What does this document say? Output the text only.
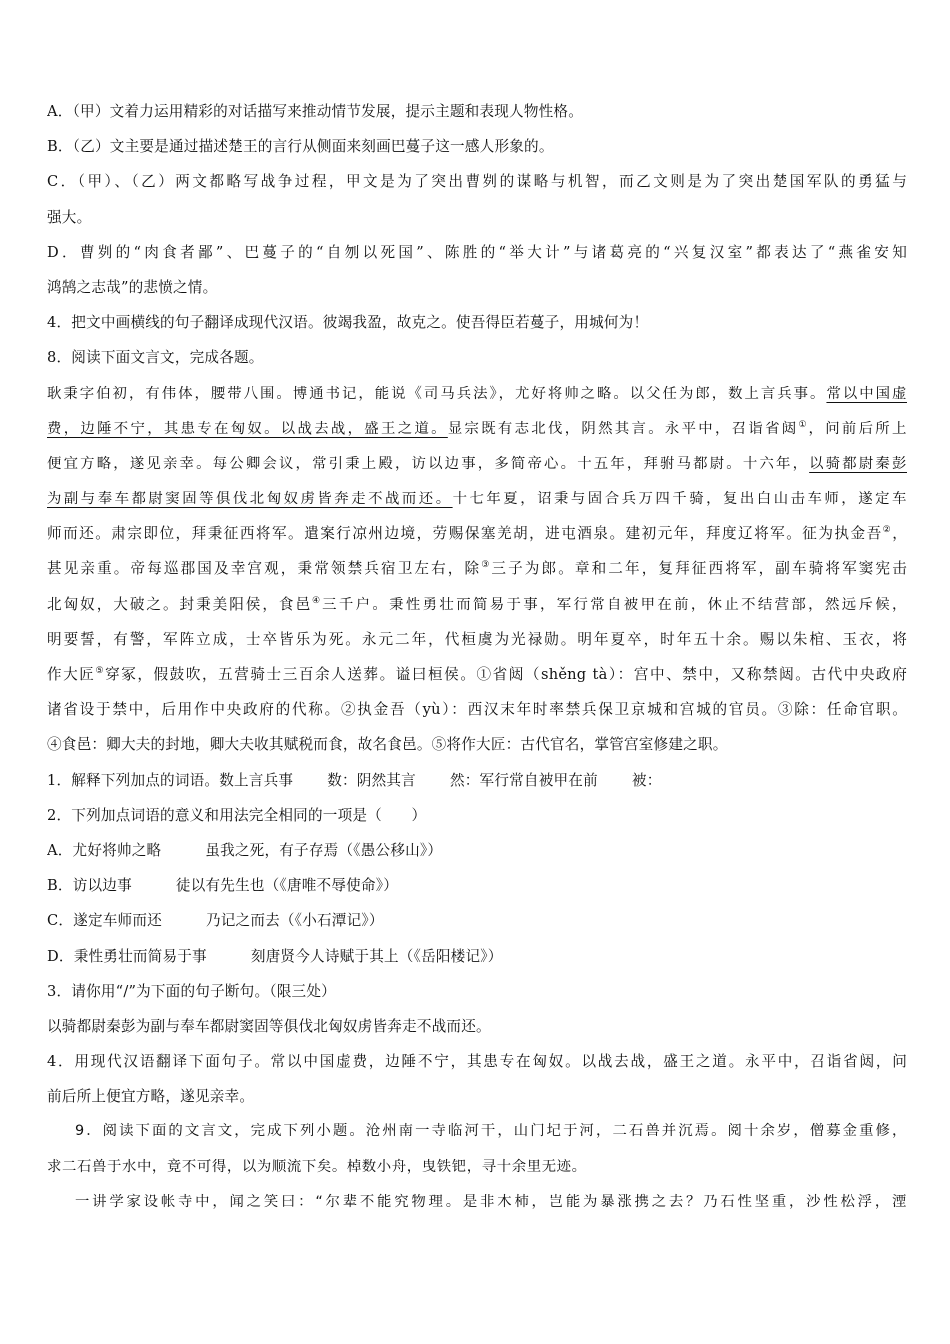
A．（甲）文着力运用精彩的对话描写来推动情节发展，提示主题和表现人物性格。
B．（乙）文主要是通过描述楚王的言行从侧面来刻画巴蔓子这一感人形象的。
C．（甲）、（乙）两文都略写战争过程，甲文是为了突出曹刿的谋略与机智，而乙文则是为了突出楚国军队的勇猛与
强大。
D．曹刿的“肉食者鄙”、巴蔓子的“自刎以死国”、陈胜的“举大计”与诸葛亮的“兴复汉室”都表达了“燕雀安知
鸿鹄之志哉”的悲愤之情。
4．把文中画横线的句子翻译成现代汉语。彼竭我盈，故克之。使吾得臣若蔓子，用城何为！
8．阅读下面文言文，完成各题。
耿秉字伯初，有伟体，腰带八围。博通书记，能说《司马兵法》，尤好将帅之略。以父任为郎，数上言兵事。常以中国虚
费，边陲不宁，其患专在匈奴。以战去战，盛王之道。显宗既有志北伐，阴然其言。永平中，召诣省闼①，问前后所上
便宜方略，遂见亲幸。每公卿会议，常引秉上殿，访以边事，多简帝心。十五年，拜驸马都尉。十六年，以骑都尉秦彭
为副与奉车都尉窦固等俱伐北匈奴虏皆奔走不战而还。十七年夏，诏秉与固合兵万四千骑，复出白山击车师，遂定车
师而还。肃宗即位，拜秉征西将军。遣案行凉州边境，劳赐保塞羌胡，进屯酒泉。建初元年，拜度辽将军。征为执金吾②，
甚见亲重。帝每巡郡国及幸宫观，秉常领禁兵宿卫左右，除③三子为郎。章和二年，复拜征西将军，副车骑将军窦宪击
北匈奴，大破之。封秉美阳侯，食邑④三千户。秉性勇壮而简易于事，军行常自被甲在前，休止不结营部，然远斥候，
明要誓，有警，军阵立成，士卒皆乐为死。永元二年，代桓虞为光禄勋。明年夏卒，时年五十余。赐以朱棺、玉衣，将
作大匠⑤穿冢，假鼓吹，五营骑士三百余人送葬。谥曰桓侯。①省闼（shěng tà）：宫中、禁中，又称禁闼。古代中央政府
诸省设于禁中，后用作中央政府的代称。②执金吾（yù）：西汉末年时率禁兵保卫京城和宫城的官员。③除：任命官职。
④食邑：卿大夫的封地，卿大夫收其赋税而食，故名食邑。⑤将作大匠：古代官名，掌管宫室修建之职。
1．解释下列加点的词语。数上言兵事 数：阴然其言 然：军行常自被甲在前 被：
2．下列加点词语的意义和用法完全相同的一项是（　　）
A．尤好将帅之略	虽我之死，有子存焉（《愚公移山》）
B．访以边事	徒以有先生也（《唐唯不辱使命》）
C．遂定车师而还	乃记之而去（《小石潭记》）
D．秉性勇壮而简易于事	刻唐贤今人诗赋于其上（《岳阳楼记》）
3．请你用“/”为下面的句子断句。（限三处）
以骑都尉秦彭为副与奉车都尉窦固等俱伐北匈奴虏皆奔走不战而还。
4．用现代汉语翻译下面句子。常以中国虚费，边陲不宁，其患专在匈奴。以战去战，盛王之道。永平中，召诣省闼，问
前后所上便宜方略，遂见亲幸。
9．阅读下面的文言文，完成下列小题。沧州南一寺临河干，山门圮于河，二石兽并沉焉。阅十余岁，僧募金重修，
求二石兽于水中，竟不可得，以为顺流下矣。棹数小舟，曳铁钯，寻十余里无迹。
一讲学家设帐寺中，闻之笑曰：“尔辈不能究物理。是非木杮，岂能为暴涨携之去？乃石性坚重，沙性松浮，湮
